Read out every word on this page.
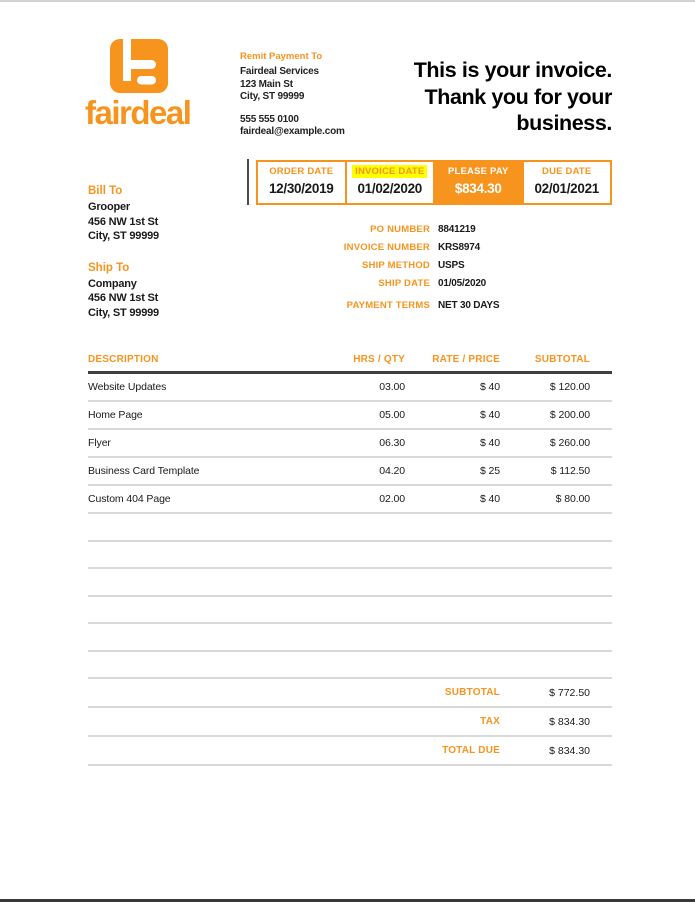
fairdeal
Remit Payment To
Fairdeal Services
123 Main St
City, ST 99999
555 555 0100
fairdeal@example.com
This is your invoice.
Thank you for your
business.
ORDER DATE
12/30/2019
INVOICE DATE
01/02/2020
PLEASE PAY
$834.30
DUE DATE
02/01/2021
Bill To
Grooper
456 NW 1st St
City, ST 99999
Ship To
Company
456 NW 1st St
City, ST 99999
PO NUMBER 8841219
INVOICE NUMBER KRS8974
SHIP METHOD USPS
SHIP DATE 01/05/2020
PAYMENT TERMS NET 30 DAYS
DESCRIPTION	HRS / QTY	RATE / PRICE	SUBTOTAL
Website Updates	03.00	$ 40	$ 120.00
Home Page	05.00	$ 40	$ 200.00
Flyer	06.30	$ 40	$ 260.00
Business Card Template	04.20	$ 25	$ 112.50
Custom 404 Page	02.00	$ 40	$ 80.00
SUBTOTAL	$ 772.50
TAX	$ 834.30
TOTAL DUE	$ 834.30
